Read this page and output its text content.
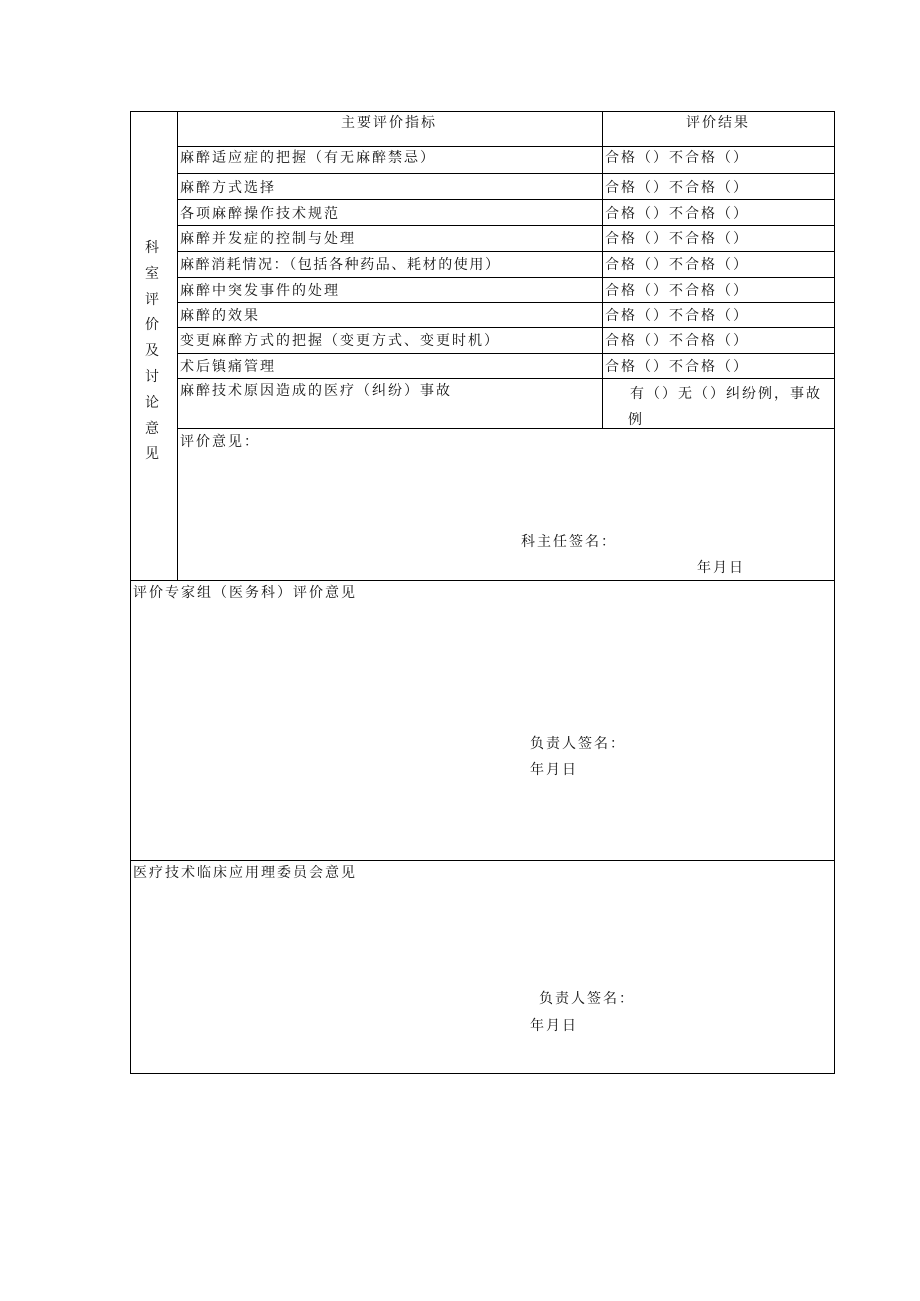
科室评价及讨论意见
主要评价指标	评价结果
麻醉适应症的把握（有无麻醉禁忌）	合格（）不合格（）
麻醉方式选择	合格（）不合格（）
各项麻醉操作技术规范	合格（）不合格（）
麻醉并发症的控制与处理	合格（）不合格（）
麻醉消耗情况：（包括各种药品、耗材的使用）	合格（）不合格（）
麻醉中突发事件的处理	合格（）不合格（）
麻醉的效果	合格（）不合格（）
变更麻醉方式的把握（变更方式、变更时机）	合格（）不合格（）
术后镇痛管理	合格（）不合格（）
麻醉技术原因造成的医疗（纠纷）事故	有（）无（）纠纷例，事故例
评价意见：
科主任签名：
年月日
评价专家组（医务科）评价意见
负责人签名：
年月日
医疗技术临床应用理委员会意见
负责人签名：
年月日
